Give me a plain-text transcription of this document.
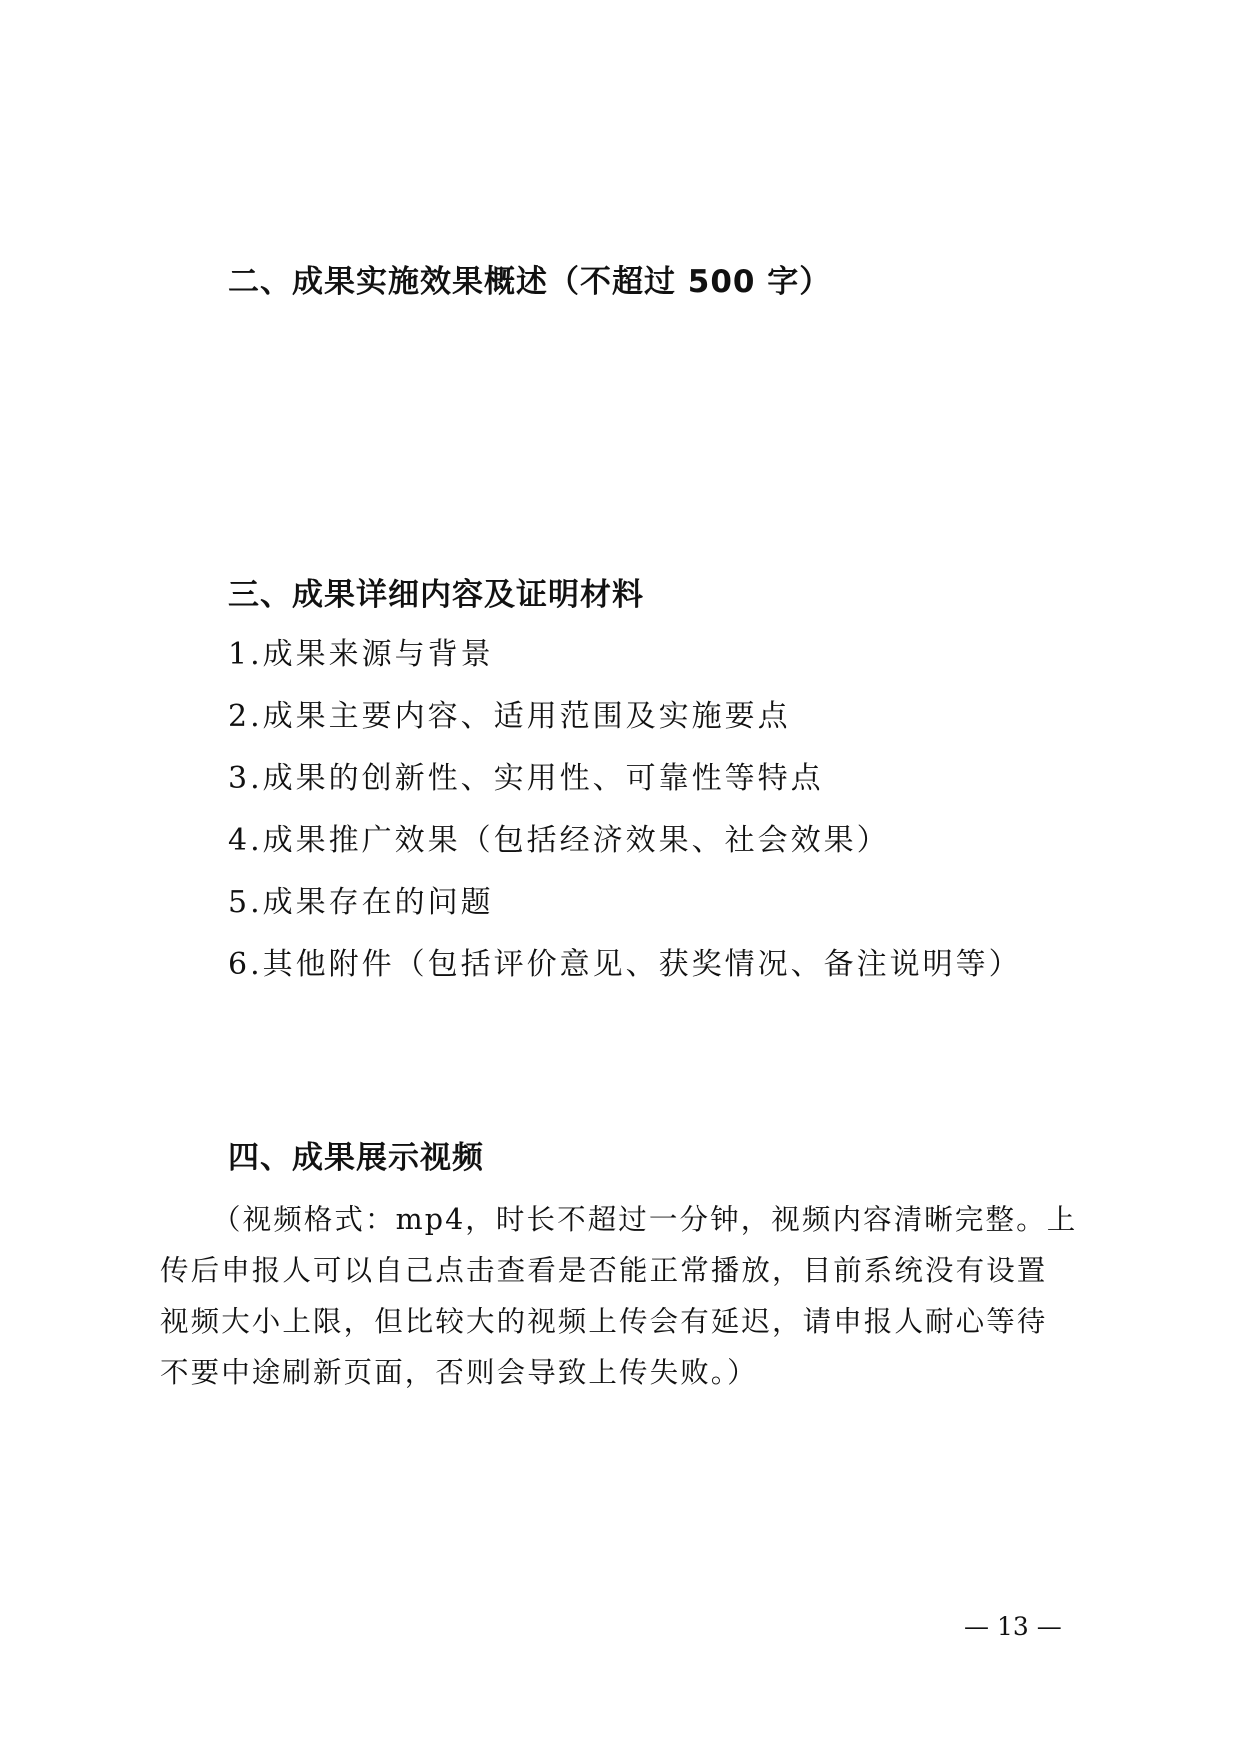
二、成果实施效果概述（不超过 500 字）
三、成果详细内容及证明材料
1.成果来源与背景
2.成果主要内容、适用范围及实施要点
3.成果的创新性、实用性、可靠性等特点
4.成果推广效果（包括经济效果、社会效果）
5.成果存在的问题
6.其他附件（包括评价意见、获奖情况、备注说明等）
四、成果展示视频

（视频格式：mp4，时长不超过一分钟，视频内容清晰完整。上
传后申报人可以自己点击查看是否能正常播放，目前系统没有设置
视频大小上限，但比较大的视频上传会有延迟，请申报人耐心等待
不要中途刷新页面，否则会导致上传失败。）

— 13 —
